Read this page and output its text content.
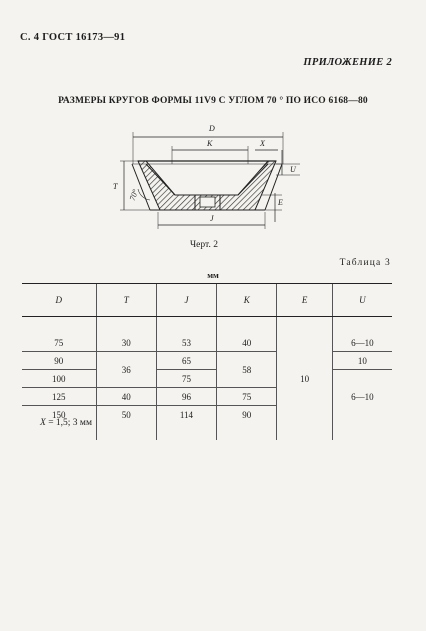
С. 4 ГОСТ 16173—91
ПРИЛОЖЕНИЕ 2
РАЗМЕРЫ КРУГОВ ФОРМЫ 11V9 С УГЛОМ 70 ° ПО ИСО 6168—80
D
K	X
U
T
70°
E
J
Черт. 2
Таблица 3
мм
D	T	J	K	E	U
				10	
75	30	53	40		6—10
90	36	65	58		10
100		75			6—10
125	40	96	75		
150	50	114	90		

X = 1,5; 3 мм
